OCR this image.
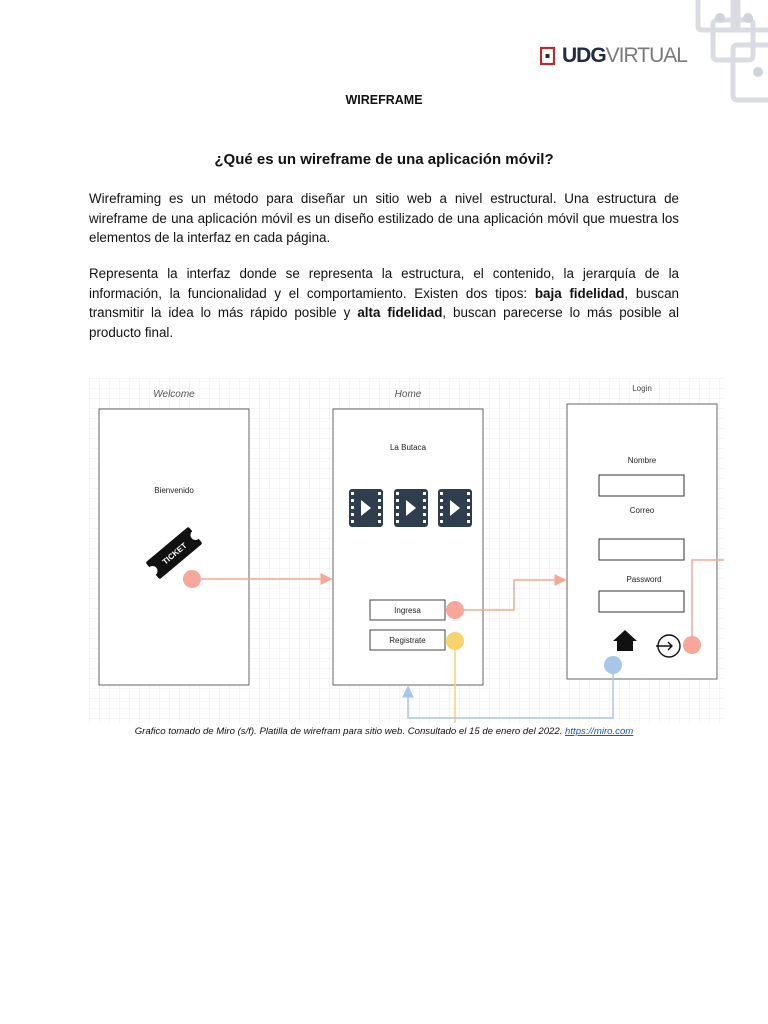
UDG VIRTUAL
WIREFRAME
¿Qué es un wireframe de una aplicación móvil?

Wireframing es un método para diseñar un sitio web a nivel estructural. Una estructura de wireframe de una aplicación móvil es un diseño estilizado de una aplicación móvil que muestra los elementos de la interfaz en cada página.

Representa la interfaz donde se representa la estructura, el contenido, la jerarquía de la información, la funcionalidad y el comportamiento. Existen dos tipos: baja fidelidad, buscan transmitir la idea lo más rápido posible y alta fidelidad, buscan parecerse lo más posible al producto final.

Welcome
Bienvenido
TICKET
Home
La Butaca
Ingresa
Registrate
Login
Nombre
Correo
Password
Grafico tomado de Miro (s/f). Platilla de wirefram para sitio web. Consultado el 15 de enero del 2022. https://miro.com
